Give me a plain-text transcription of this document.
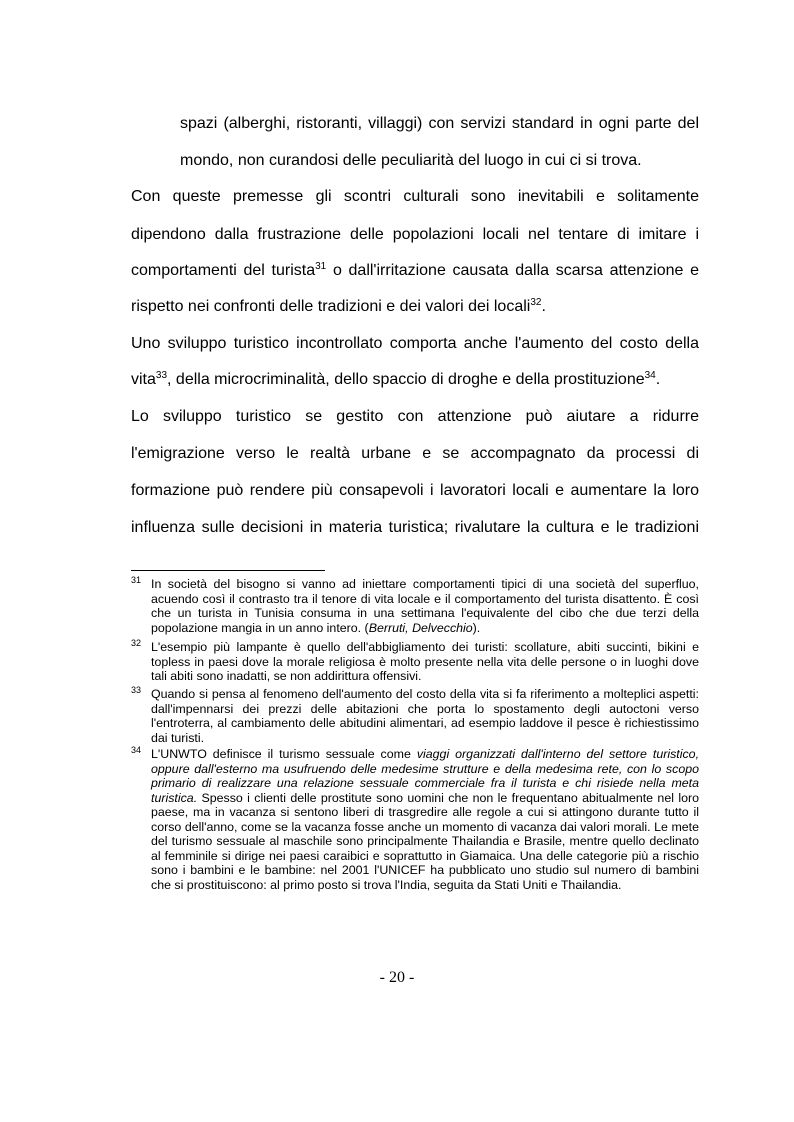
spazi (alberghi, ristoranti, villaggi) con servizi standard in ogni parte del
mondo, non curandosi delle peculiarità del luogo in cui ci si trova.
Con queste premesse gli scontri culturali sono inevitabili e solitamente
dipendono dalla frustrazione delle popolazioni locali nel tentare di imitare i
comportamenti del turista$^{31}$ o dall'irritazione causata dalla scarsa attenzione e
rispetto nei confronti delle tradizioni e dei valori dei locali$^{32}$.
Uno sviluppo turistico incontrollato comporta anche l'aumento del costo della
vita$^{33}$, della microcriminalità, dello spaccio di droghe e della prostituzione$^{34}$.
Lo sviluppo turistico se gestito con attenzione può aiutare a ridurre
l'emigrazione verso le realtà urbane e se accompagnato da processi di
formazione può rendere più consapevoli i lavoratori locali e aumentare la loro
influenza sulle decisioni in materia turistica; rivalutare la cultura e le tradizioni
31 In società del bisogno si vanno ad iniettare comportamenti tipici di una società del superfluo, acuendo così il contrasto tra il tenore di vita locale e il comportamento del turista disattento. È così che un turista in Tunisia consuma in una settimana l'equivalente del cibo che due terzi della popolazione mangia in un anno intero. (Berruti, Delvecchio).
32 L'esempio più lampante è quello dell'abbigliamento dei turisti: scollature, abiti succinti, bikini e topless in paesi dove la morale religiosa è molto presente nella vita delle persone o in luoghi dove tali abiti sono inadatti, se non addirittura offensivi.
33 Quando si pensa al fenomeno dell'aumento del costo della vita si fa riferimento a molteplici aspetti: dall'impennarsi dei prezzi delle abitazioni che porta lo spostamento degli autoctoni verso l'entroterra, al cambiamento delle abitudini alimentari, ad esempio laddove il pesce è richiestissimo dai turisti.
34 L'UNWTO definisce il turismo sessuale come viaggi organizzati dall'interno del settore turistico, oppure dall'esterno ma usufruendo delle medesime strutture e della medesima rete, con lo scopo primario di realizzare una relazione sessuale commerciale fra il turista e chi risiede nella meta turistica. Spesso i clienti delle prostitute sono uomini che non le frequentano abitualmente nel loro paese, ma in vacanza si sentono liberi di trasgredire alle regole a cui si attingono durante tutto il corso dell'anno, come se la vacanza fosse anche un momento di vacanza dai valori morali. Le mete del turismo sessuale al maschile sono principalmente Thailandia e Brasile, mentre quello declinato al femminile si dirige nei paesi caraibici e soprattutto in Giamaica. Una delle categorie più a rischio sono i bambini e le bambine: nel 2001 l'UNICEF ha pubblicato uno studio sul numero di bambini che si prostituiscono: al primo posto si trova l'India, seguita da Stati Uniti e Thailandia.
- 20 -
